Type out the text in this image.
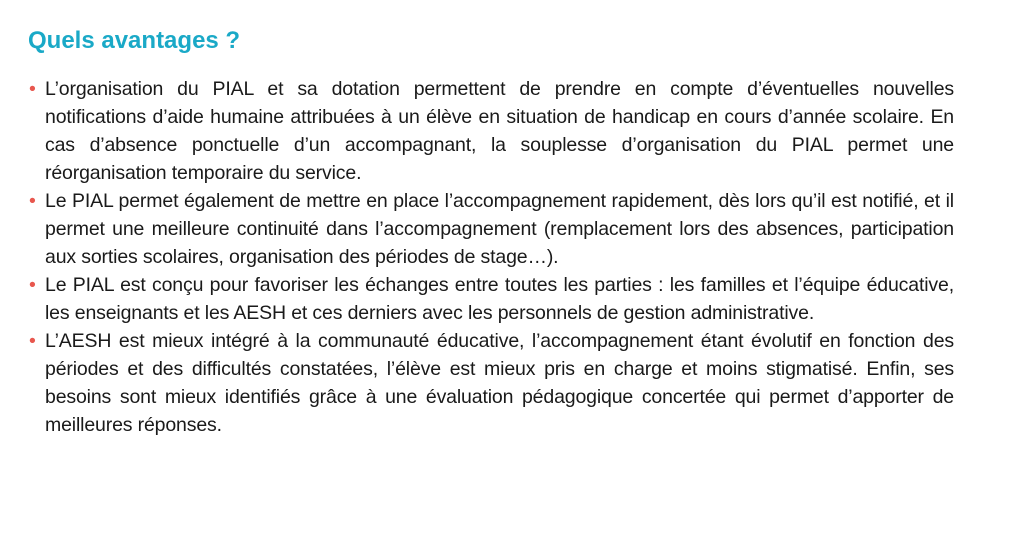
Quels avantages ?
• L’organisation du PIAL et sa dotation permettent de prendre en compte d’éventuelles nouvelles notifications d’aide humaine attribuées à un élève en situation de handicap en cours d’année scolaire. En cas d’absence ponctuelle d’un accompagnant, la souplesse d’organisation du PIAL permet une réorganisation temporaire du service.
• Le PIAL permet également de mettre en place l’accompagnement rapidement, dès lors qu’il est notifié, et il permet une meilleure continuité dans l’accompagnement (remplacement lors des absences, participation aux sorties scolaires, organisation des périodes de stage…).
• Le PIAL est conçu pour favoriser les échanges entre toutes les parties : les familles et l’équipe éducative, les enseignants et les AESH et ces derniers avec les personnels de gestion administrative.
• L’AESH est mieux intégré à la communauté éducative, l’accompagnement étant évolutif en fonction des périodes et des difficultés constatées, l’élève est mieux pris en charge et moins stigmatisé. Enfin, ses besoins sont mieux identifiés grâce à une évaluation pédagogique concertée qui permet d’apporter de meilleures réponses.
